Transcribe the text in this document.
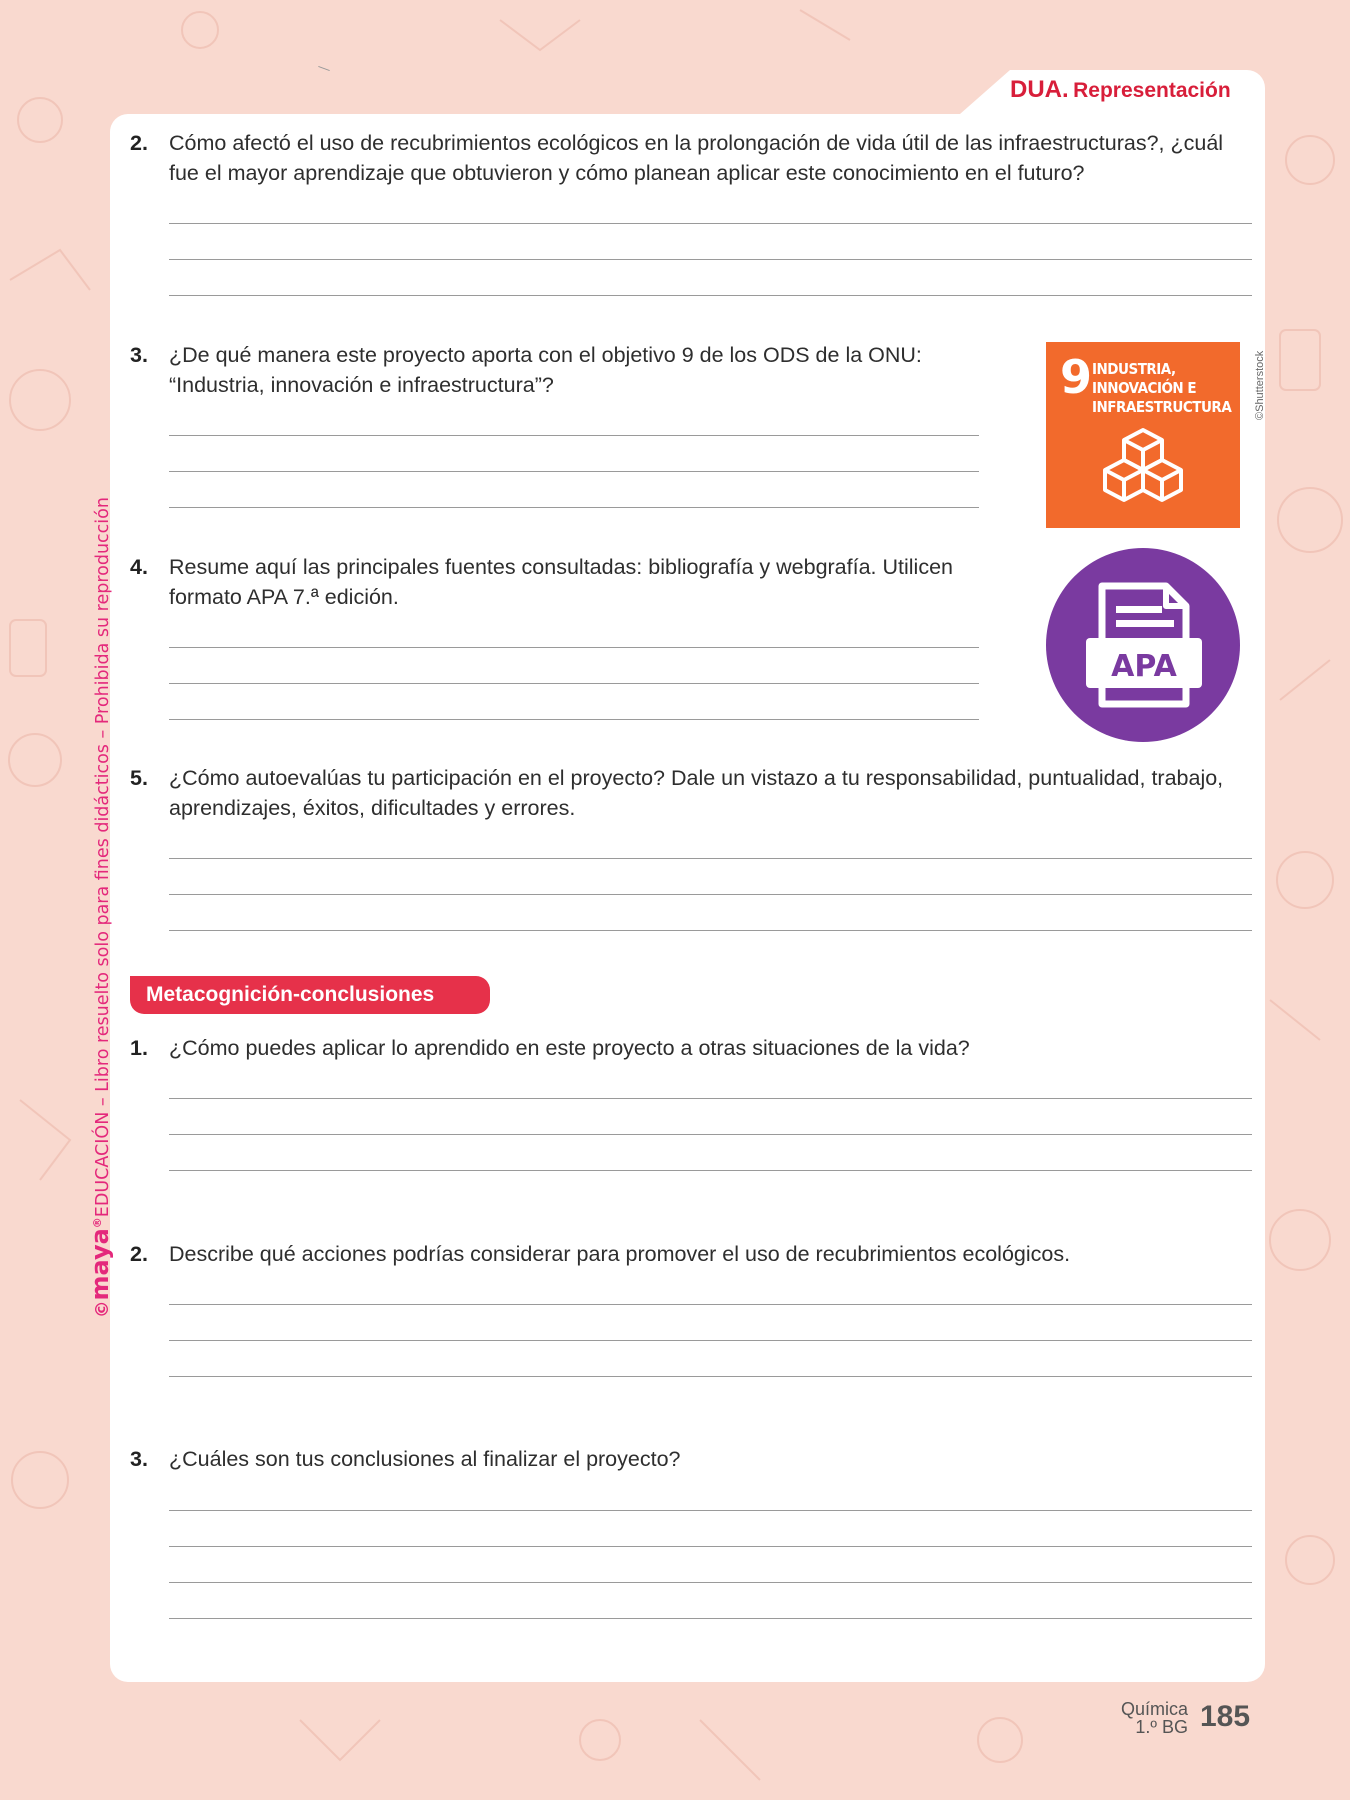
DUA. Representación
2. Cómo afectó el uso de recubrimientos ecológicos en la prolongación de vida útil de las infraestructuras?, ¿cuál
fue el mayor aprendizaje que obtuvieron y cómo planean aplicar este conocimiento en el futuro?
3. ¿De qué manera este proyecto aporta con el objetivo 9 de los ODS de la ONU:
“Industria, innovación e infraestructura”?	9 INDUSTRIA,
INNOVACIÓN E
INFRAESTRUCTURA	©Shutterstock
4. Resume aquí las principales fuentes consultadas: bibliografía y webgrafía. Utilicen
formato APA 7.ª edición.
APA
5. ¿Cómo autoevalúas tu participación en el proyecto? Dale un vistazo a tu responsabilidad, puntualidad, trabajo,
aprendizajes, éxitos, dificultades y errores.
Metacognición-conclusiones
1. ¿Cómo puedes aplicar lo aprendido en este proyecto a otras situaciones de la vida?
2. Describe qué acciones podrías considerar para promover el uso de recubrimientos ecológicos.
3. ¿Cuáles son tus conclusiones al finalizar el proyecto?
©maya®EDUCACIÓN – Libro resuelto solo para fines didácticos – Prohibida su reproducción
Química
1.º BG 185
